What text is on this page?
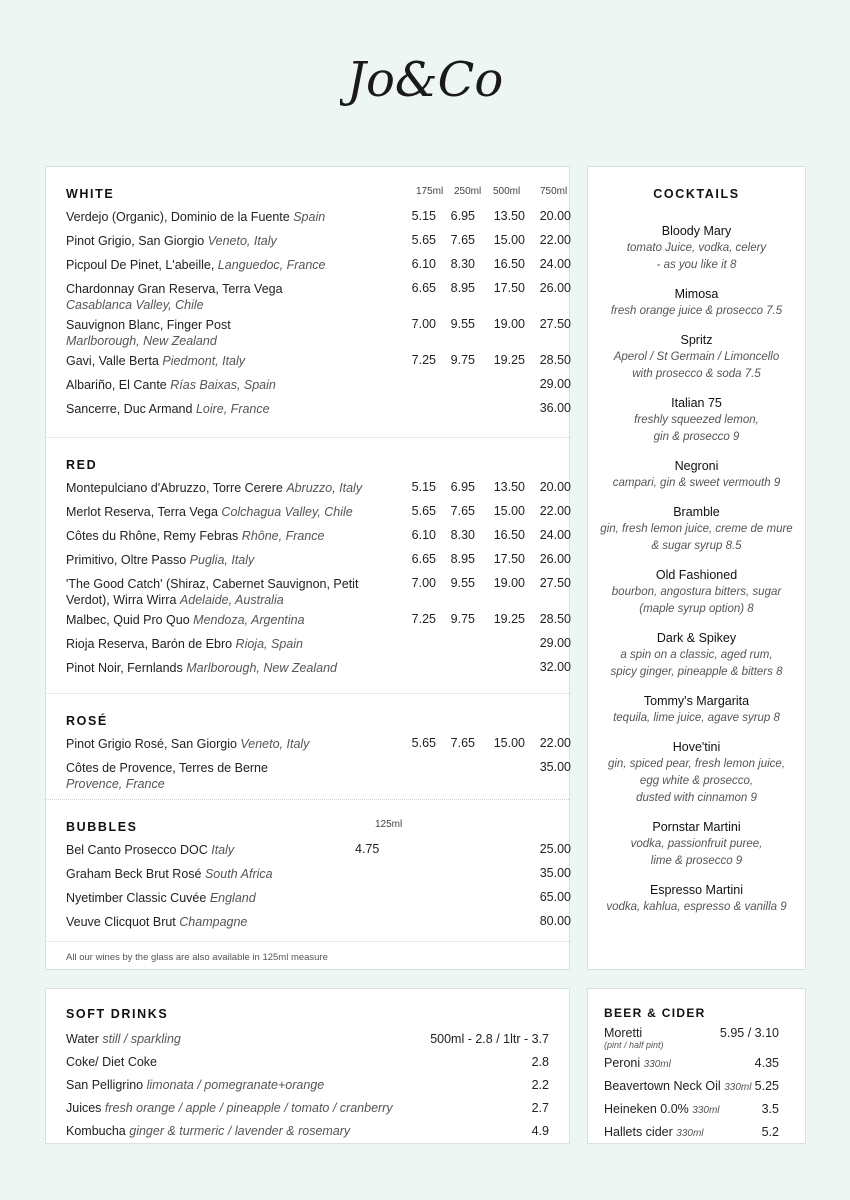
Jo&Co
WHITE	175ml 250ml 500ml 750ml
Verdejo (Organic), Dominio de la Fuente Spain	5.15	6.95	13.50	20.00
Pinot Grigio, San Giorgio Veneto, Italy	5.65	7.65	15.00	22.00
Picpoul De Pinet, L'abeille, Languedoc, France	6.10	8.30	16.50	24.00
Chardonnay Gran Reserva, Terra Vega
Casablanca Valley, Chile
6.65	8.95	17.50	26.00
Sauvignon Blanc, Finger Post
Marlborough, New Zealand
7.00	9.55	19.00	27.50
Gavi, Valle Berta Piedmont, Italy	7.25	9.75	19.25	28.50
Albariño, El Cante Rías Baixas, Spain	29.00
Sancerre, Duc Armand Loire, France	36.00
RED
Montepulciano d'Abruzzo, Torre Cerere Abruzzo, Italy	5.15	6.95	13.50	20.00
Merlot Reserva, Terra Vega Colchagua Valley, Chile	5.65	7.65	15.00	22.00
Côtes du Rhône, Remy Febras Rhône, France	6.10	8.30	16.50	24.00
Primitivo, Oltre Passo Puglia, Italy	6.65	8.95	17.50	26.00
'The Good Catch' (Shiraz, Cabernet Sauvignon, Petit Verdot), Wirra Wirra Adelaide, Australia
7.00	9.55	19.00	27.50
Malbec, Quid Pro Quo Mendoza, Argentina	7.25	9.75	19.25	28.50
Rioja Reserva, Barón de Ebro Rioja, Spain	29.00
Pinot Noir, Fernlands Marlborough, New Zealand	32.00
ROSÉ
Pinot Grigio Rosé, San Giorgio Veneto, Italy	5.65	7.65	15.00	22.00
Côtes de Provence, Terres de Berne
Provence, France
35.00
BUBBLES	125ml
Bel Canto Prosecco DOC Italy	4.75	25.00
Graham Beck Brut Rosé South Africa	35.00
Nyetimber Classic Cuvée England	65.00
Veuve Clicquot Brut Champagne	80.00
All our wines by the glass are also available in 125ml measure
COCKTAILS
Bloody Mary
tomato Juice, vodka, celery
- as you like it 8
Mimosa
fresh orange juice & prosecco 7.5
Spritz
Aperol / St Germain / Limoncello
with prosecco & soda 7.5
Italian 75
freshly squeezed lemon,
gin & prosecco 9
Negroni
campari, gin & sweet vermouth 9
Bramble
gin, fresh lemon juice, creme de mure
& sugar syrup 8.5
Old Fashioned
bourbon, angostura bitters, sugar
(maple syrup option) 8
Dark & Spikey
a spin on a classic, aged rum,
spicy ginger, pineapple & bitters 8
Tommy's Margarita
tequila, lime juice, agave syrup 8
Hove'tini
gin, spiced pear, fresh lemon juice,
egg white & prosecco,
dusted with cinnamon 9
Pornstar Martini
vodka, passionfruit puree,
lime & prosecco 9
Espresso Martini
vodka, kahlua, espresso & vanilla 9
SOFT DRINKS
Water still / sparkling	500ml - 2.8 / 1ltr - 3.7
Coke/ Diet Coke	2.8
San Pelligrino limonata / pomegranate+orange	2.2
Juices fresh orange / apple / pineapple / tomato / cranberry	2.7
Kombucha ginger & turmeric / lavender & rosemary	4.9
BEER & CIDER
Moretti	5.95 / 3.10
(pint / half pint)
Peroni 330ml	4.35
Beavertown Neck Oil 330ml 5.25
Heineken 0.0% 330ml	3.5
Hallets cider 330ml	5.2
